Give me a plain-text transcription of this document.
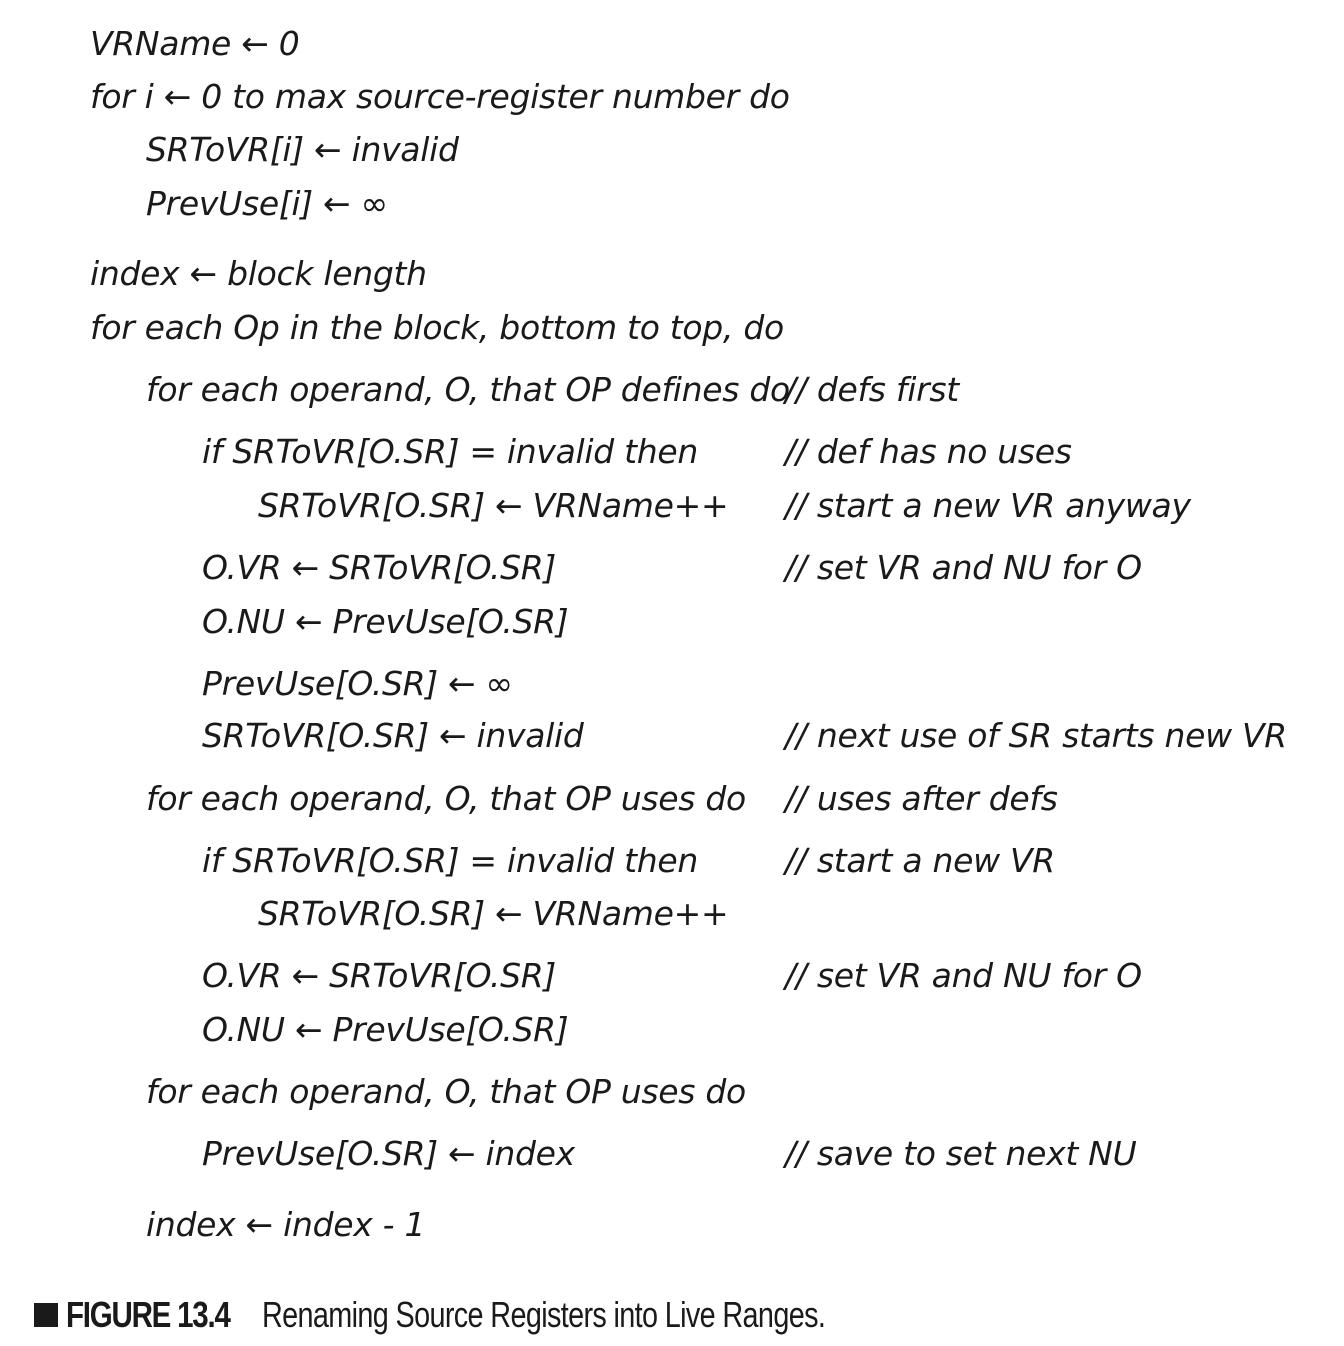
VRName ← 0
for i ← 0 to max source-register number do
SRToVR[i] ← invalid
PrevUse[i] ← ∞
index ← block length
for each Op in the block, bottom to top, do
for each operand, O, that OP defines do
// defs first
if SRToVR[O.SR] = invalid then	// def has no uses
SRToVR[O.SR] ← VRName++ // start a new VR anyway
O.VR ← SRToVR[O.SR]	// set VR and NU for O
O.NU ← PrevUse[O.SR]
PrevUse[O.SR] ← ∞
SRToVR[O.SR] ← invalid	// next use of SR starts new VR
for each operand, O, that OP uses do // uses after defs
if SRToVR[O.SR] = invalid then	// start a new VR
SRToVR[O.SR] ← VRName++
O.VR ← SRToVR[O.SR]	// set VR and NU for O
O.NU ← PrevUse[O.SR]
for each operand, O, that OP uses do
PrevUse[O.SR] ← index	// save to set next NU
index ← index - 1
FIGURE 13.4 Renaming Source Registers into Live Ranges.
